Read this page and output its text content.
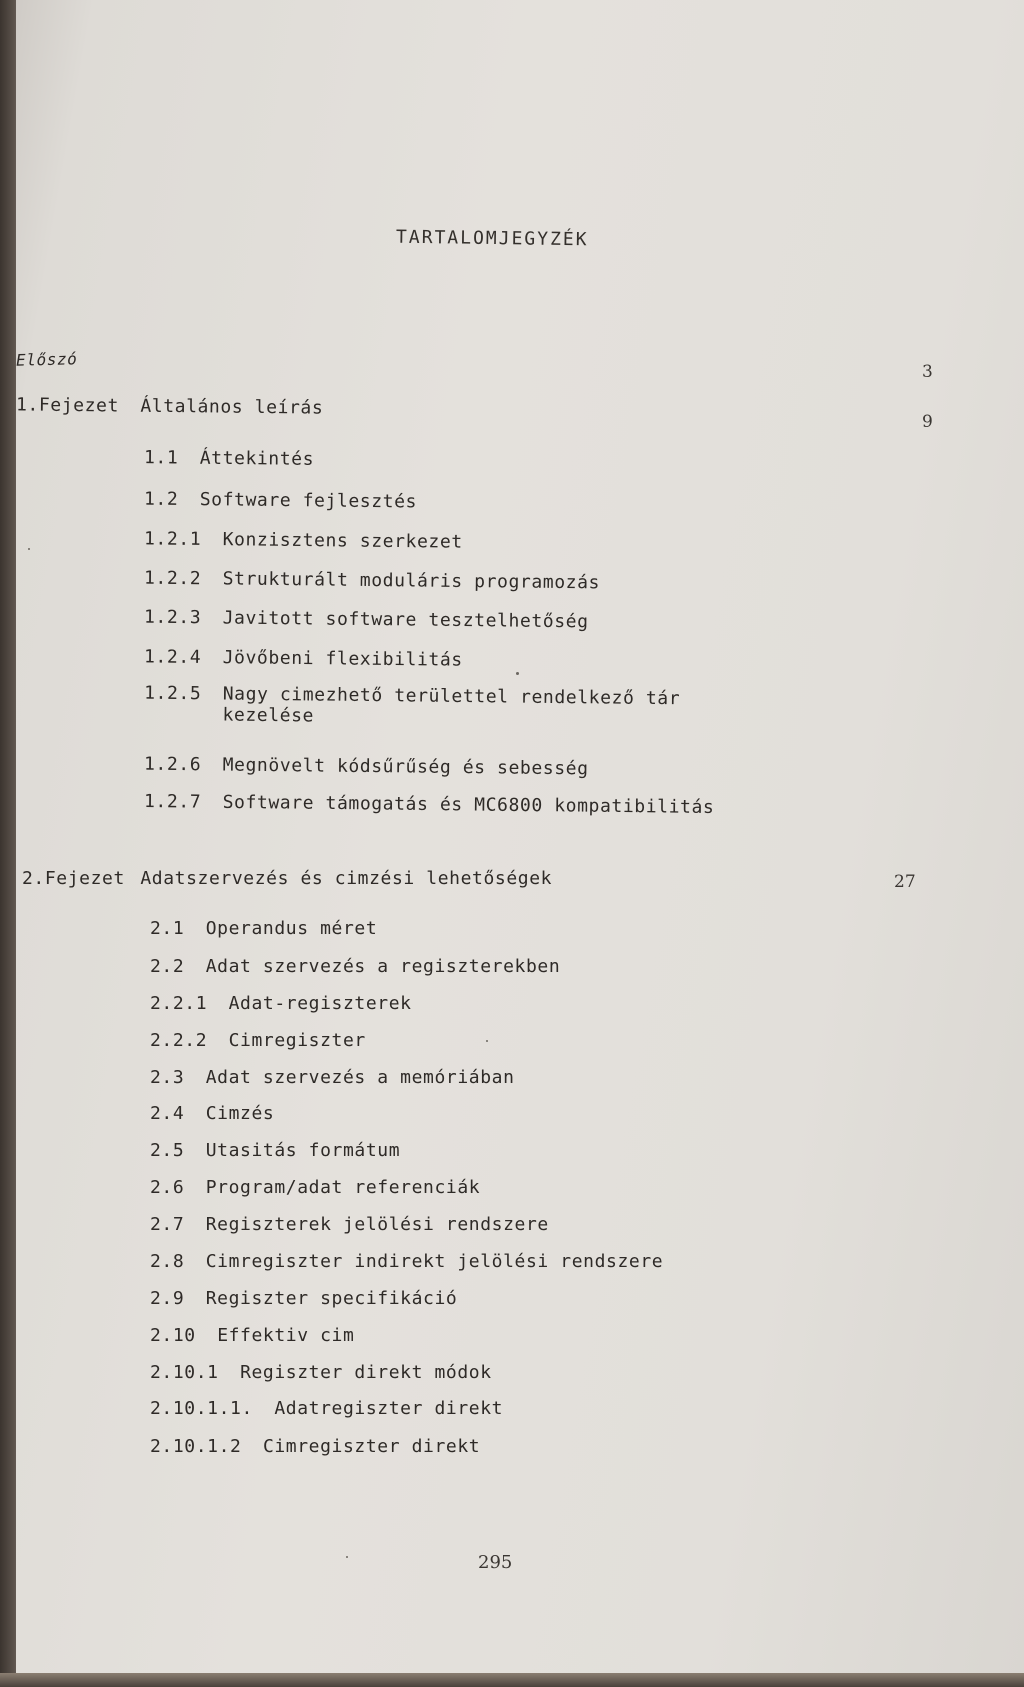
TARTALOMJEGYZÉK
Előszó
3
1.Fejezet Általános leírás
9
1.1 Áttekintés
1.2 Software fejlesztés
1.2.1 Konzisztens szerkezet
1.2.2 Strukturált moduláris programozás
1.2.3 Javitott software tesztelhetőség
1.2.4 Jövőbeni flexibilitás
1.2.5 Nagy cimezhető területtel rendelkező tár kezelése
1.2.6 Megnövelt kódsűrűség és sebesség
1.2.7 Software támogatás és MC6800 kompatibilitás
2.Fejezet Adatszervezés és cimzési lehetőségek	27
2.1 Operandus méret
2.2 Adat szervezés a regiszterekben
2.2.1 Adat-regiszterek
2.2.2 Cimregiszter
2.3 Adat szervezés a memóriában
2.4 Cimzés
2.5 Utasitás formátum
2.6 Program/adat referenciák
2.7 Regiszterek jelölési rendszere
2.8 Cimregiszter indirekt jelölési rendszere
2.9 Regiszter specifikáció
2.10 Effektiv cim
2.10.1 Regiszter direkt módok
2.10.1.1. Adatregiszter direkt
2.10.1.2 Cimregiszter direkt
295
